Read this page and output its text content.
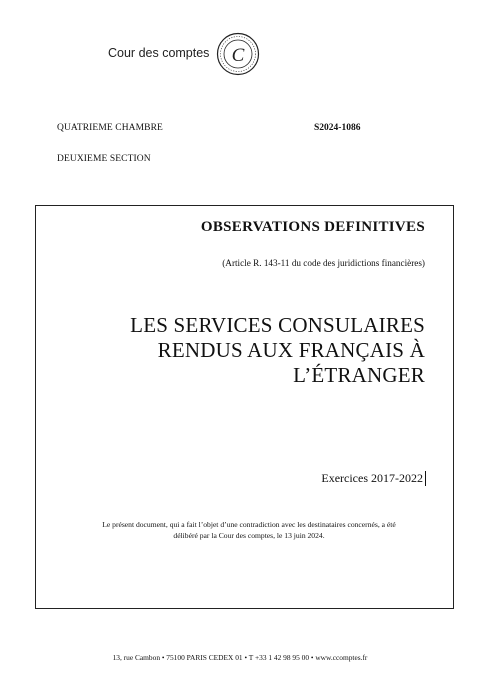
Cour des comptes C
QUATRIEME CHAMBRE
DEUXIEME SECTION
S2024-1086
OBSERVATIONS DEFINITIVES
(Article R. 143-11 du code des juridictions financières)
LES SERVICES CONSULAIRES
RENDUS AUX FRANÇAIS À
L’ÉTRANGER
Exercices 2017-2022
Le présent document, qui a fait l’objet d’une contradiction avec les destinataires concernés, a été
délibéré par la Cour des comptes, le 13 juin 2024.
13, rue Cambon • 75100 PARIS CEDEX 01 • T +33 1 42 98 95 00 • www.ccomptes.fr
